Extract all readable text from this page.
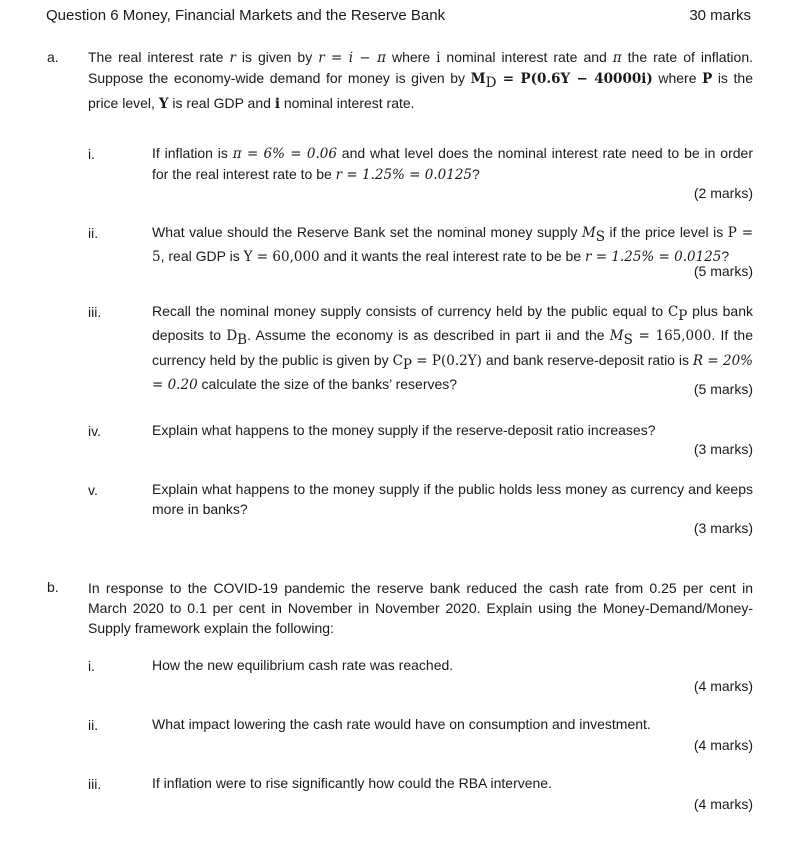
Question 6 Money, Financial Markets and the Reserve Bank	30 marks
a. The real interest rate r is given by r = i − π where i nominal interest rate and π the rate of inflation. Suppose the economy-wide demand for money is given by $M_D = P(0.6Y - 40000i)$ where P is the price level, Y is real GDP and i nominal interest rate.
i.	If inflation is π = 6% = 0.06 and what level does the nominal interest rate need to be in order for the real interest rate to be r = 1.25% = 0.0125?
(2 marks)
ii.	What value should the Reserve Bank set the nominal money supply $M_S$ if the price level is P = 5, real GDP is Y = 60,000 and it wants the real interest rate to be be r = 1.25% = 0.0125?
(5 marks)
iii.	Recall the nominal money supply consists of currency held by the public equal to $C_P$ plus bank deposits to $D_B$. Assume the economy is as described in part ii and the $M_S = 165,000$. If the currency held by the public is given by $C_P = P(0.2Y)$ and bank reserve-deposit ratio is R = 20% = 0.20 calculate the size of the banks’ reserves?	(5 marks)
iv.	Explain what happens to the money supply if the reserve-deposit ratio increases?
(3 marks)
v.	Explain what happens to the money supply if the public holds less money as currency and keeps more in banks?
(3 marks)
b. In response to the COVID-19 pandemic the reserve bank reduced the cash rate from 0.25 per cent in March 2020 to 0.1 per cent in November in November 2020. Explain using the Money-Demand/Money-Supply framework explain the following:
i.	How the new equilibrium cash rate was reached.
(4 marks)
ii.	What impact lowering the cash rate would have on consumption and investment.
(4 marks)
iii.	If inflation were to rise significantly how could the RBA intervene.
(4 marks)
